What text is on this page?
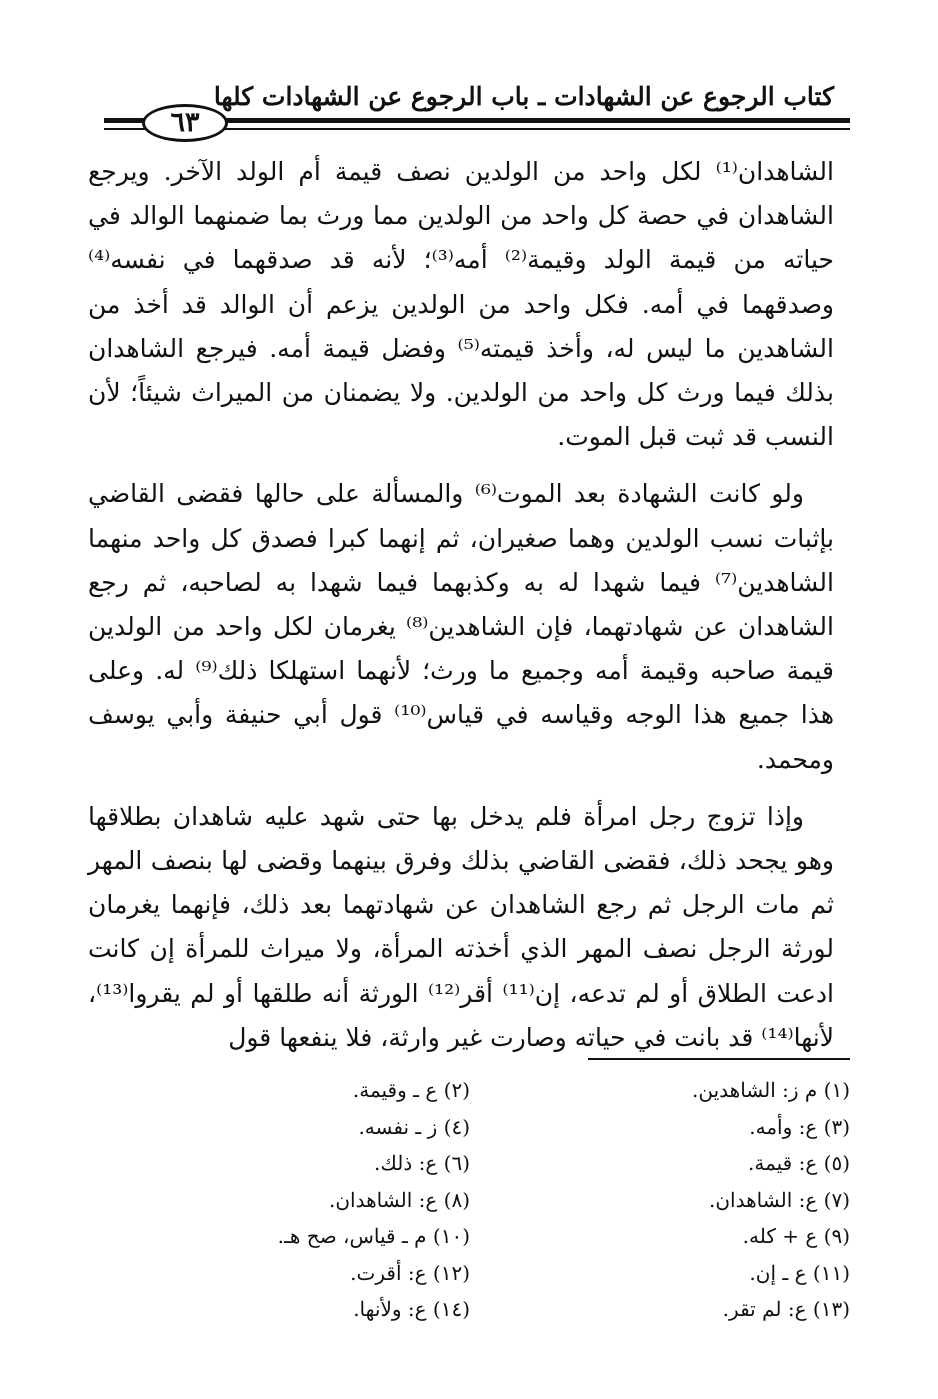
كتاب الرجوع عن الشهادات ـ باب الرجوع عن الشهادات كلها
٦٣

الشاهدان⁽¹⁾ لكل واحد من الولدين نصف قيمة أم الولد الآخر. ويرجع الشاهدان في حصة كل واحد من الولدين مما ورث بما ضمنهما الوالد في حياته من قيمة الولد وقيمة⁽²⁾ أمه⁽³⁾؛ لأنه قد صدقهما في نفسه⁽⁴⁾ وصدقهما في أمه. فكل واحد من الولدين يزعم أن الوالد قد أخذ من الشاهدين ما ليس له، وأخذ قيمته⁽⁵⁾ وفضل قيمة أمه. فيرجع الشاهدان بذلك فيما ورث كل واحد من الولدين. ولا يضمنان من الميراث شيئاً؛ لأن النسب قد ثبت قبل الموت.

ولو كانت الشهادة بعد الموت⁽⁶⁾ والمسألة على حالها فقضى القاضي بإثبات نسب الولدين وهما صغيران، ثم إنهما كبرا فصدق كل واحد منهما الشاهدين⁽⁷⁾ فيما شهدا له به وكذبهما فيما شهدا به لصاحبه، ثم رجع الشاهدان عن شهادتهما، فإن الشاهدين⁽⁸⁾ يغرمان لكل واحد من الولدين قيمة صاحبه وقيمة أمه وجميع ما ورث؛ لأنهما استهلكا ذلك⁽⁹⁾ له. وعلى هذا جميع هذا الوجه وقياسه في قياس⁽¹⁰⁾ قول أبي حنيفة وأبي يوسف ومحمد.

وإذا تزوج رجل امرأة فلم يدخل بها حتى شهد عليه شاهدان بطلاقها وهو يجحد ذلك، فقضى القاضي بذلك وفرق بينهما وقضى لها بنصف المهر ثم مات الرجل ثم رجع الشاهدان عن شهادتهما بعد ذلك، فإنهما يغرمان لورثة الرجل نصف المهر الذي أخذته المرأة، ولا ميراث للمرأة إن كانت ادعت الطلاق أو لم تدعه، إن⁽¹¹⁾ أقر⁽¹²⁾ الورثة أنه طلقها أو لم يقروا⁽¹³⁾، لأنها⁽¹⁴⁾ قد بانت في حياته وصارت غير وارثة، فلا ينفعها قول

(١) م ز: الشاهدين.
(٢) ع ـ وقيمة.
(٣) ع: وأمه.
(٤) ز ـ نفسه.
(٥) ع: قيمة.
(٦) ع: ذلك.
(٧) ع: الشاهدان.
(٨) ع: الشاهدان.
(٩) ع + كله.
(١٠) م ـ قياس، صح هـ.
(١١) ع ـ إن.
(١٢) ع: أقرت.
(١٣) ع: لم تقر.
(١٤) ع: ولأنها.
